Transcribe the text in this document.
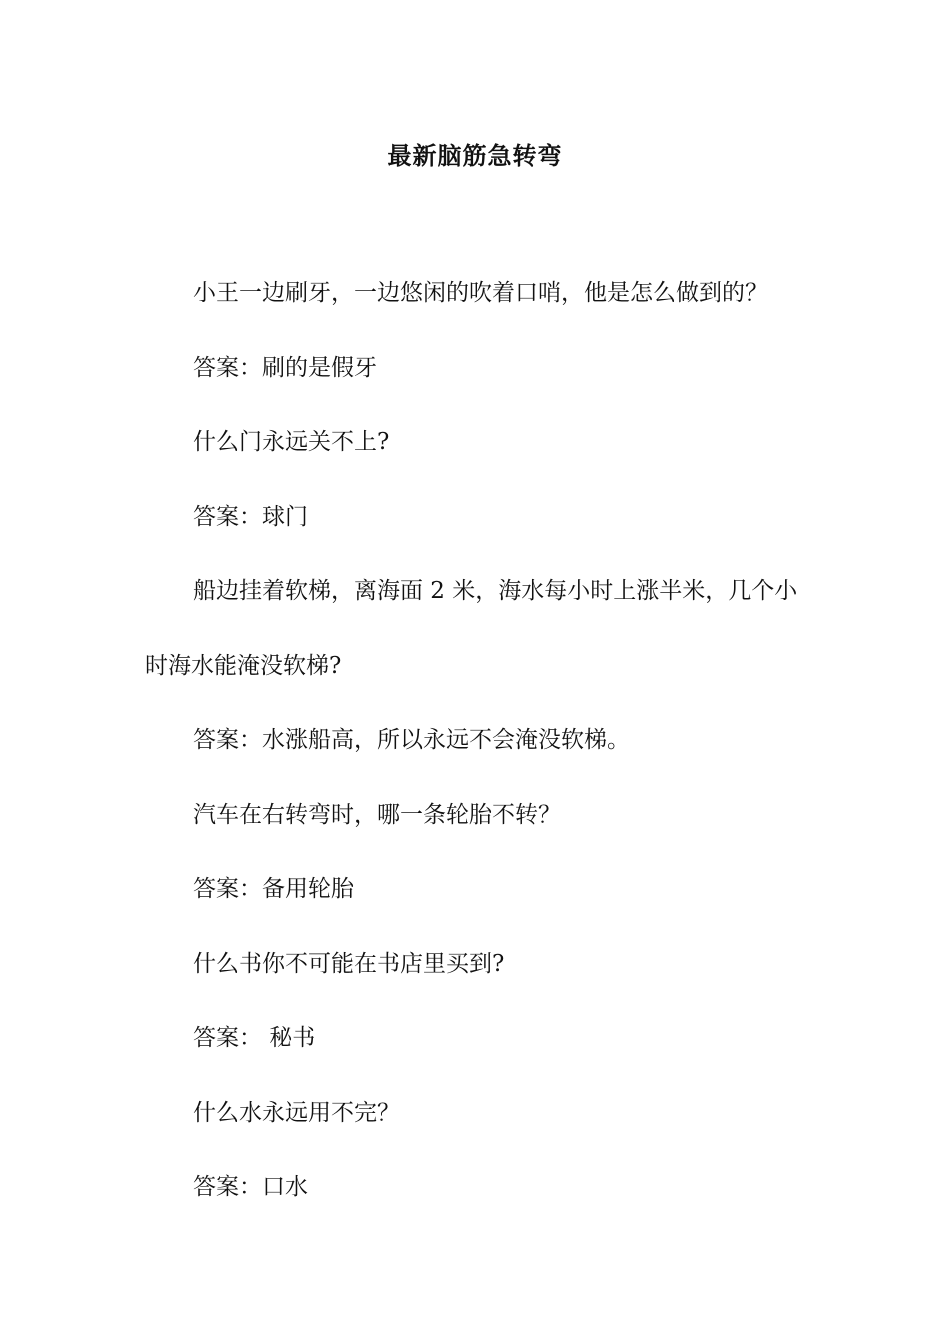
最新脑筋急转弯

小王一边刷牙，一边悠闲的吹着口哨，他是怎么做到的？

答案：刷的是假牙

什么门永远关不上?

答案：球门

船边挂着软梯，离海面 2 米，海水每小时上涨半米，几个小时海水能淹没软梯?

答案：水涨船高，所以永远不会淹没软梯。

汽车在右转弯时，哪一条轮胎不转？

答案：备用轮胎

什么书你不可能在书店里买到?

答案： 秘书

什么水永远用不完？

答案：口水
